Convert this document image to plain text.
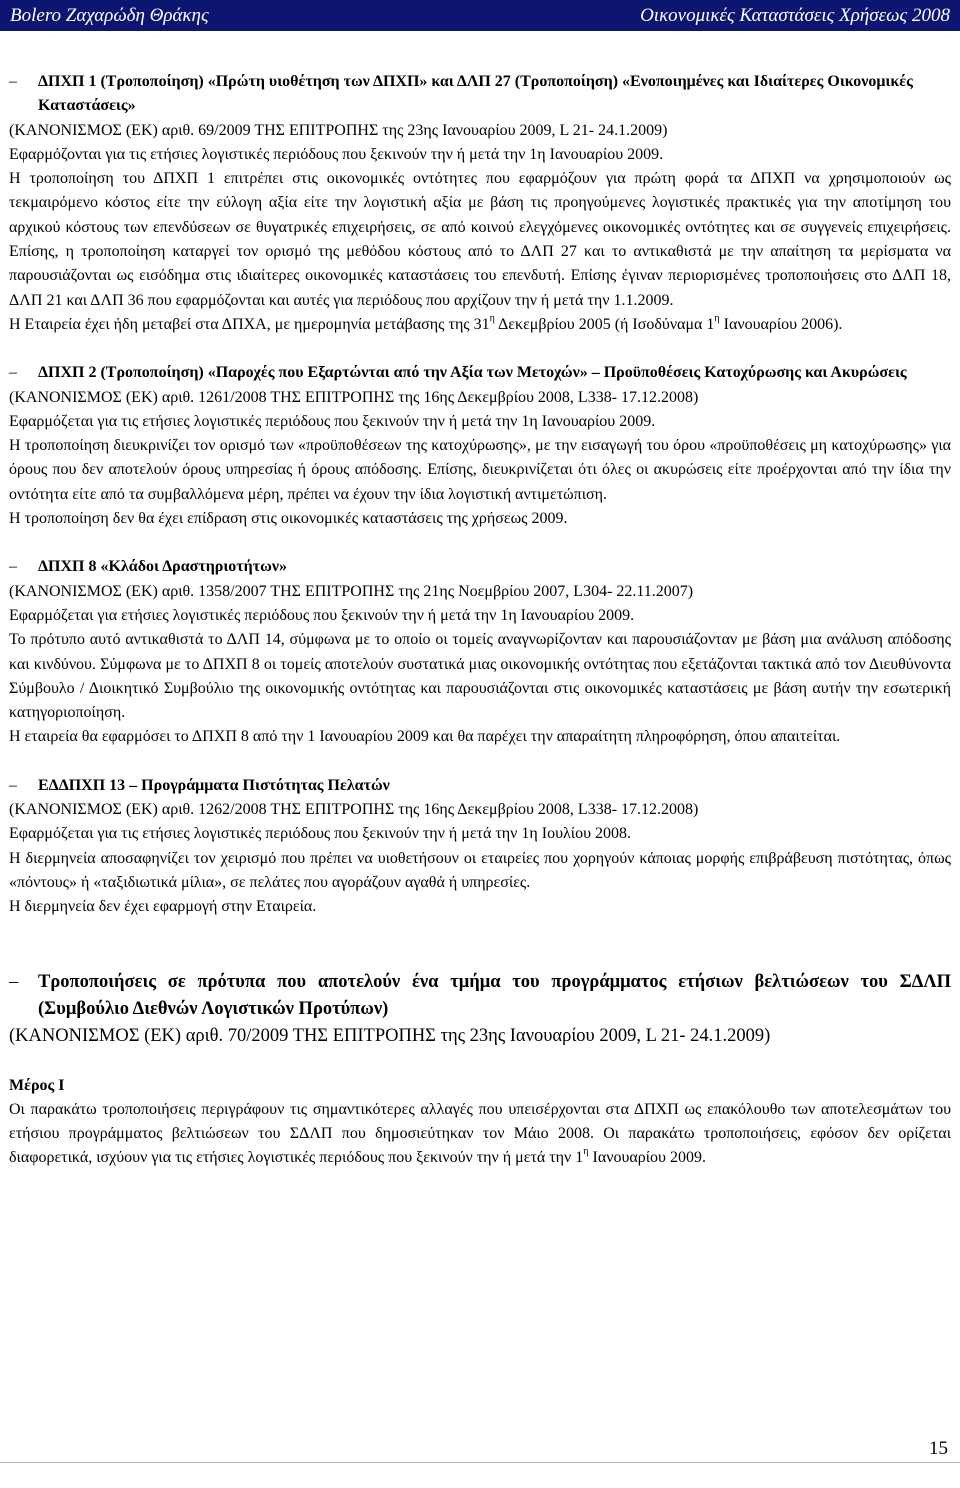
Bolero Ζαχαρώδη Θράκης	Οικονομικές Καταστάσεις Χρήσεως 2008

– ΔΠΧΠ 1 (Τροποποίηση) «Πρώτη υιοθέτηση των ΔΠΧΠ» και ΔΛΠ 27 (Τροποποίηση) «Ενοποιημένες και Ιδιαίτερες Οικονομικές Καταστάσεις»

(ΚΑΝΟΝΙΣΜΟΣ (ΕΚ) αριθ. 69/2009 ΤΗΣ ΕΠΙΤΡΟΠΗΣ της 23ης Ιανουαρίου 2009, L 21- 24.1.2009)

Εφαρμόζονται για τις ετήσιες λογιστικές περιόδους που ξεκινούν την ή μετά την 1η Ιανουαρίου 2009.

Η τροποποίηση του ΔΠΧΠ 1 επιτρέπει στις οικονομικές οντότητες που εφαρμόζουν για πρώτη φορά τα ΔΠΧΠ να χρησιμοποιούν ως τεκμαιρόμενο κόστος είτε την εύλογη αξία είτε την λογιστική αξία με βάση τις προηγούμενες λογιστικές πρακτικές για την αποτίμηση του αρχικού κόστους των επενδύσεων σε θυγατρικές επιχειρήσεις, σε από κοινού ελεγχόμενες οικονομικές οντότητες και σε συγγενείς επιχειρήσεις. Επίσης, η τροποποίηση καταργεί τον ορισμό της μεθόδου κόστους από το ΔΛΠ 27 και το αντικαθιστά με την απαίτηση τα μερίσματα να παρουσιάζονται ως εισόδημα στις ιδιαίτερες οικονομικές καταστάσεις του επενδυτή. Επίσης έγιναν περιορισμένες τροποποιήσεις στο ΔΛΠ 18, ΔΛΠ 21 και ΔΛΠ 36 που εφαρμόζονται και αυτές για περιόδους που αρχίζουν την ή μετά την 1.1.2009.

Η Εταιρεία έχει ήδη μεταβεί στα ΔΠΧΑ, με ημερομηνία μετάβασης της $31^\eta$ Δεκεμβρίου 2005 (ή Ισοδύναμα $1^\eta$ Ιανουαρίου 2006).

– ΔΠΧΠ 2 (Τροποποίηση) «Παροχές που Εξαρτώνται από την Αξία των Μετοχών» – Προϋποθέσεις Κατοχύρωσης και Ακυρώσεις

(ΚΑΝΟΝΙΣΜΟΣ (ΕΚ) αριθ. 1261/2008 ΤΗΣ ΕΠΙΤΡΟΠΗΣ της 16ης Δεκεμβρίου 2008, L338- 17.12.2008)

Εφαρμόζεται για τις ετήσιες λογιστικές περιόδους που ξεκινούν την ή μετά την 1η Ιανουαρίου 2009.

Η τροποποίηση διευκρινίζει τον ορισμό των «προϋποθέσεων της κατοχύρωσης», με την εισαγωγή του όρου «προϋποθέσεις μη κατοχύρωσης» για όρους που δεν αποτελούν όρους υπηρεσίας ή όρους απόδοσης. Επίσης, διευκρινίζεται ότι όλες οι ακυρώσεις είτε προέρχονται από την ίδια την οντότητα είτε από τα συμβαλλόμενα μέρη, πρέπει να έχουν την ίδια λογιστική αντιμετώπιση.

Η τροποποίηση δεν θα έχει επίδραση στις οικονομικές καταστάσεις της χρήσεως 2009.

– ΔΠΧΠ 8 «Κλάδοι Δραστηριοτήτων»

(ΚΑΝΟΝΙΣΜΟΣ (ΕΚ) αριθ. 1358/2007 ΤΗΣ ΕΠΙΤΡΟΠΗΣ της 21ης Νοεμβρίου 2007, L304- 22.11.2007)

Εφαρμόζεται για ετήσιες λογιστικές περιόδους που ξεκινούν την ή μετά την 1η Ιανουαρίου 2009.

Το πρότυπο αυτό αντικαθιστά το ΔΛΠ 14, σύμφωνα με το οποίο οι τομείς αναγνωρίζονταν και παρουσιάζονταν με βάση μια ανάλυση απόδοσης και κινδύνου. Σύμφωνα με το ΔΠΧΠ 8 οι τομείς αποτελούν συστατικά μιας οικονομικής οντότητας που εξετάζονται τακτικά από τον Διευθύνοντα Σύμβουλο / Διοικητικό Συμβούλιο της οικονομικής οντότητας και παρουσιάζονται στις οικονομικές καταστάσεις με βάση αυτήν την εσωτερική κατηγοριοποίηση.

Η εταιρεία θα εφαρμόσει το ΔΠΧΠ 8 από την 1 Ιανουαρίου 2009 και θα παρέχει την απαραίτητη πληροφόρηση, όπου απαιτείται.

– ΕΔΔΠΧΠ 13 – Προγράμματα Πιστότητας Πελατών

(ΚΑΝΟΝΙΣΜΟΣ (ΕΚ) αριθ. 1262/2008 ΤΗΣ ΕΠΙΤΡΟΠΗΣ της 16ης Δεκεμβρίου 2008, L338- 17.12.2008)

Εφαρμόζεται για τις ετήσιες λογιστικές περιόδους που ξεκινούν την ή μετά την 1η Ιουλίου 2008.

Η διερμηνεία αποσαφηνίζει τον χειρισμό που πρέπει να υιοθετήσουν οι εταιρείες που χορηγούν κάποιας μορφής επιβράβευση πιστότητας, όπως «πόντους» ή «ταξιδιωτικά μίλια», σε πελάτες που αγοράζουν αγαθά ή υπηρεσίες.

Η διερμηνεία δεν έχει εφαρμογή στην Εταιρεία.

– Τροποποιήσεις σε πρότυπα που αποτελούν ένα τμήμα του προγράμματος ετήσιων βελτιώσεων του ΣΔΛΠ (Συμβούλιο Διεθνών Λογιστικών Προτύπων)

(ΚΑΝΟΝΙΣΜΟΣ (ΕΚ) αριθ. 70/2009 ΤΗΣ ΕΠΙΤΡΟΠΗΣ της 23ης Ιανουαρίου 2009, L 21- 24.1.2009)

Μέρος Ι

Οι παρακάτω τροποποιήσεις περιγράφουν τις σημαντικότερες αλλαγές που υπεισέρχονται στα ΔΠΧΠ ως επακόλουθο των αποτελεσμάτων του ετήσιου προγράμματος βελτιώσεων του ΣΔΛΠ που δημοσιεύτηκαν τον Μάιο 2008. Οι παρακάτω τροποποιήσεις, εφόσον δεν ορίζεται διαφορετικά, ισχύουν για τις ετήσιες λογιστικές περιόδους που ξεκινούν την ή μετά την $1^\eta$ Ιανουαρίου 2009.

15
